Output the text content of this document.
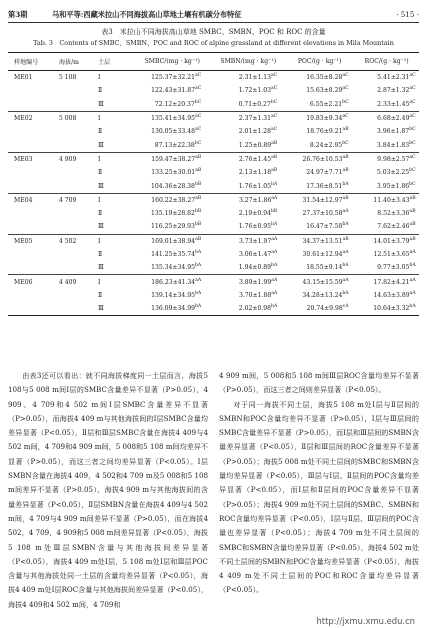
第3期	马和平等:西藏米拉山不同海拔高山草地土壤有机碳分布特征	· 515 ·
表3　米拉山不同海拔高山草地 SMBC、SMBN、POC 和 ROC 的含量
Tab. 3　Contents of SMBC、SMBN、POC and ROC of alpine grassland at different elevations in Mila Mountain
样地编号	海拔/m	土层	SMBC/(mg · kg⁻¹)	SMBN/(mg · kg⁻¹)	POC/(g · kg⁻¹)	ROC/(g · kg⁻¹)
ME01	5 108	Ⅰ	$125.37\pm 32.21^{aC}$	$2.31\pm 1.13^{aC}$	$16.35\pm 8.28^{aC}$	$5.41\pm 2.31^{aC}$
		Ⅱ	$122.43\pm 31.87^{aC}$	$1.72\pm 1.03^{aC}$	$15.63\pm 8.29^{aC}$	$2.87\pm 1.32^{aC}$
		Ⅲ	$72.12\pm 20.37^{bC}$	$0.71\pm 0.27^{bC}$	$6.55\pm 2.21^{bC}$	$2.33\pm 1.45^{aC}$
ME02	5 008	Ⅰ	$135.41\pm 34.95^{aC}$	$2.37\pm 1.31^{aC}$	$19.83\pm 9.34^{aC}$	$6.68\pm 2.49^{aC}$
		Ⅱ	$130.05\pm 33.48^{aC}$	$2.01\pm 1.28^{aC}$	$18.76\pm 9.21^{aB}$	$3.96\pm 1.87^{bC}$
		Ⅲ	$87.13\pm 22.38^{bC}$	$1.25\pm 0.89^{aB}$	$8.24\pm 2.95^{bC}$	$3.84\pm 1.83^{bC}$
ME03	4 909	Ⅰ	$159.47\pm 38.27^{aB}$	$2.76\pm 1.45^{aB}$	$26.76\pm 10.53^{aB}$	$9.98\pm 2.57^{aC}$
		Ⅱ	$133.25\pm 30.01^{aB}$	$2.13\pm 1.18^{aB}$	$24.97\pm 7.71^{aB}$	$5.03\pm 2.25^{bC}$
		Ⅲ	$104.36\pm 28.38^{bB}$	$1.76\pm 1.05^{bA}$	$17.36\pm 8.51^{bA}$	$3.95\pm 1.86^{bC}$
ME04	4 709	Ⅰ	$160.22\pm 38.27^{aB}$	$3.27\pm 1.86^{aA}$	$31.54\pm 12.97^{aB}$	$11.40\pm 3.43^{aB}$
		Ⅱ	$135.19\pm 28.82^{bB}$	$2.19\pm 0.94^{bB}$	$27.37\pm 10.58^{aA}$	$8.52\pm 3.36^{aB}$
		Ⅲ	$116.25\pm 29.93^{bB}$	$1.76\pm 0.95^{bA}$	$16.47\pm 7.58^{bA}$	$7.62\pm 2.46^{aB}$
ME05	4 502	Ⅰ	$169.01\pm 38.94^{aB}$	$3.73\pm 1.97^{aA}$	$34.37\pm 13.51^{aB}$	$14.01\pm 3.79^{aB}$
		Ⅱ	$141.25\pm 35.74^{bA}$	$3.06\pm 1.47^{aA}$	$30.61\pm 12.94^{aA}$	$12.51\pm 3.65^{aA}$
		Ⅲ	$135.34\pm 34.95^{bA}$	$1.94\pm 0.89^{bA}$	$18.55\pm 9.14^{bA}$	$9.77\pm 3.05^{bA}$
ME06	4 409	Ⅰ	$186.23\pm 41.34^{aA}$	$3.89\pm 1.99^{aA}$	$43.15\pm 15.59^{aA}$	$17.82\pm 4.21^{aA}$
		Ⅱ	$139.14\pm 34.95^{bA}$	$3.70\pm 1.88^{aA}$	$34.28\pm 13.24^{bA}$	$14.63\pm 3.89^{aA}$
		Ⅲ	$136.09\pm 34.99^{bA}$	$2.02\pm 0.98^{bA}$	$20.74\pm 9.98^{cA}$	$10.64\pm 3.32^{bA}$

由表3还可以看出：就不同海拔梯度同一土层而言，海拔5 108与5 008 m间Ⅰ层的SMBC含量差异不显著（P>0.05），4 909、4 709和4 502 m间Ⅰ层SMBC含量差异不显著（P>0.05），而海拔4 409 m与其他海拔间的Ⅰ层SMBC含量均差异显著（P<0.05），Ⅱ层和Ⅲ层SMBC含量在海拔4 409与4 502 m间，4 709和4 909 m间，5 008和5 108 m间均差异不显著（P>0.05），而这三者之间均差异显著（P<0.05）。Ⅰ层SMBN含量在海拔4 409，4 502和4 709 m及5 008和5 108 m间差异不显著（P>0.05），海拔4 909 m与其他海拔间的含量差异显著（P<0.05），Ⅱ层SMBN含量在海拔4 409与4 502 m间，4 709与4 909 m间差异不显著（P>0.05），而在海拔4 502，4 709，4 909和5 008 m间差异显著（P<0.05），海拔5 108 m处Ⅲ层SMBN含量与其他海拔间差异显著（P<0.05），海拔4 409 m处Ⅰ层，5 108 m处Ⅰ层和Ⅲ层POC含量与其他海拔处同一土层的含量均差异显著（P<0.05），海拔4 409 m处Ⅰ层ROC含量与其他海拔间差异显著（P<0.05），海拔4 409和4 502 m间，4 709和

4 909 m间，5 008和5 108 m间Ⅲ层ROC含量均差异不显著（P>0.05），而这三者之间则差异显著（P<0.05）。

对于同一海拔不同土层，海拔5 108 m处Ⅰ层与Ⅱ层间的SMBN和POC含量均差异不显著（P>0.05），Ⅰ层与Ⅲ层间的SMBC含量差异不显著（P>0.05），而Ⅰ层和Ⅲ层间的SMBN含量差异显著（P<0.05），Ⅱ层和Ⅲ层间的ROC含量差异不显著（P>0.05）；海拔5 008 m处不同土层间的SMBC和SMBN含量均差异显著（P<0.05），Ⅲ层与Ⅰ层、Ⅱ层间的POC含量均差异显著（P<0.05），而Ⅰ层和Ⅱ层间的POC含量差异不显著（P>0.05）；海拔4 909 m处不同土层间的SMBC、SMBN和ROC含量均差异显著（P<0.05），Ⅰ层与Ⅱ层、Ⅲ层间的POC含量也差异显著（P<0.05）；海拔4 709 m处不同土层间的SMBC和SMBN含量均差异显著（P<0.05），海拔4 502 m处不同土层间的SMBN和POC含量均差异显著（P<0.05），海拔4 409 m处不同土层间的POC和ROC含量均差异显著（P<0.05）。

http://jxmu.xmu.edu.cn
